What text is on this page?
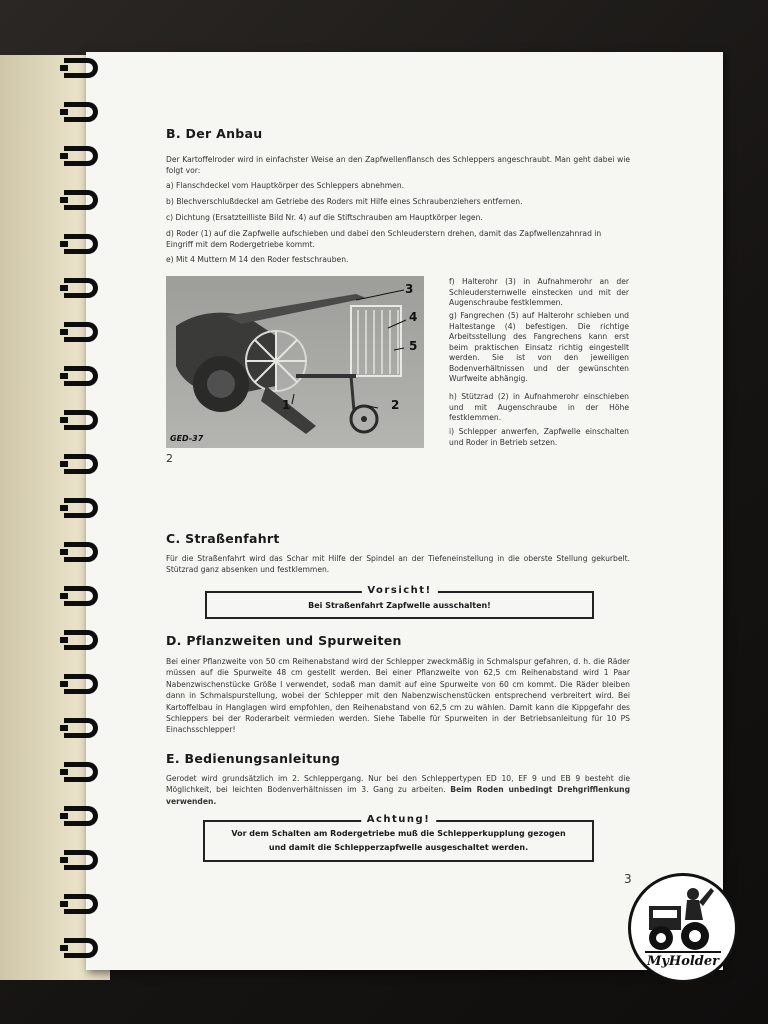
B. Der Anbau
Der Kartoffelroder wird in einfachster Weise an den Zapfwellenflansch des Schleppers angeschraubt. Man geht dabei wie folgt vor:
a) Flanschdeckel vom Hauptkörper des Schleppers abnehmen.
b) Blechverschlußdeckel am Getriebe des Roders mit Hilfe eines Schraubenziehers entfernen.
c) Dichtung (Ersatzteilliste Bild Nr. 4) auf die Stiftschrauben am Hauptkörper legen.
d) Roder (1) auf die Zapfwelle aufschieben und dabei den Schleuderstern drehen, damit das Zapfwellenzahnrad in Eingriff mit dem Rodergetriebe kommt.
e) Mit 4 Muttern M 14 den Roder festschrauben.
GED-37
1	2
3
4
5
2
f) Halterohr (3) in Aufnahmerohr an der Schleudersternwelle einstecken und mit der Augenschraube festklemmen.
g) Fangrechen (5) auf Halterohr schieben und Haltestange (4) befestigen. Die richtige Arbeitsstellung des Fangrechens kann erst beim praktischen Einsatz richtig eingestellt werden. Sie ist von den jeweiligen Bodenverhältnissen und der gewünschten Wurfweite abhängig.
h) Stützrad (2) in Aufnahmerohr einschieben und mit Augenschraube in der Höhe festklemmen.
i) Schlepper anwerfen, Zapfwelle einschalten und Roder in Betrieb setzen.
C. Straßenfahrt
Für die Straßenfahrt wird das Schar mit Hilfe der Spindel an der Tiefeneinstellung in die oberste Stellung gekurbelt. Stützrad ganz absenken und festklemmen.
Vorsicht!
Bei Straßenfahrt Zapfwelle ausschalten!
D. Pflanzweiten und Spurweiten
Bei einer Pflanzweite von 50 cm Reihenabstand wird der Schlepper zweckmäßig in Schmalspur gefahren, d. h. die Räder müssen auf die Spurweite 48 cm gestellt werden. Bei einer Pflanzweite von 62,5 cm Reihenabstand wird 1 Paar Nabenzwischenstücke Größe I verwendet, sodaß man damit auf eine Spurweite von 60 cm kommt. Die Räder bleiben dann in Schmalspurstellung, wobei der Schlepper mit den Nabenzwischenstücken entsprechend verbreitert wird. Bei Kartoffelbau in Hanglagen wird empfohlen, den Reihenabstand von 62,5 cm zu wählen. Damit kann die Kippgefahr des Schleppers bei der Roderarbeit vermieden werden. Siehe Tabelle für Spurweiten in der Betriebsanleitung für 10 PS Einachsschlepper!
E. Bedienungsanleitung
Gerodet wird grundsätzlich im 2. Schleppergang. Nur bei den Schleppertypen ED 10, EF 9 und EB 9 besteht die Möglichkeit, bei leichten Bodenverhältnissen im 3. Gang zu arbeiten. Beim Roden unbedingt Drehgrifflenkung verwenden.
Achtung!
Vor dem Schalten am Rodergetriebe muß die Schlepperkupplung gezogen
und damit die Schlepperzapfwelle ausgeschaltet werden.
3
MyHolder
